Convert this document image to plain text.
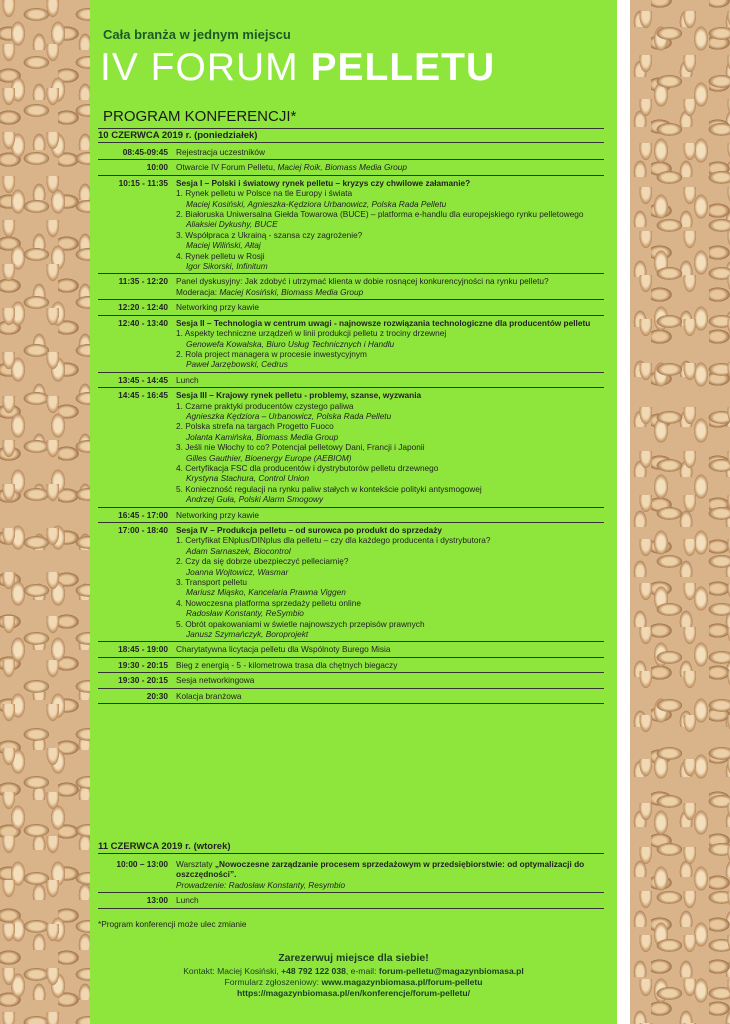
Cała branża w jednym miejscu
IV FORUM PELLETU
PROGRAM KONFERENCJI*
10 CZERWCA 2019 r. (poniedziałek)
08:45-09:45 Rejestracja uczestników
10:00 Otwarcie IV Forum Pelletu, Maciej Roik, Biomass Media Group
10:15 - 11:35 Sesja I – Polski i światowy rynek pelletu – kryzys czy chwilowe załamanie?
1. Rynek pelletu w Polsce na tle Europy i świata
Maciej Kosiński, Agnieszka-Kędziora Urbanowicz, Polska Rada Pelletu
2. Białoruska Uniwersalna Giełda Towarowa (BUCE) – platforma e-handlu dla europejskiego rynku pelletowego
Aliaksiei Dykushy, BUCE
3. Współpraca z Ukrainą - szansa czy zagrożenie?
Maciej Wiliński, Ałtaj
4. Rynek pelletu w Rosji
Igor Sikorski, Infinitum
11:35 - 12:20 Panel dyskusyjny: Jak zdobyć i utrzymać klienta w dobie rosnącej konkurencyjności na rynku pelletu?
Moderacja: Maciej Kosiński, Biomass Media Group
12:20 - 12:40 Networking przy kawie
12:40 - 13:40 Sesja II – Technologia w centrum uwagi - najnowsze rozwiązania technologiczne dla producentów pelletu
1. Aspekty techniczne urządzeń w linii produkcji pelletu z trociny drzewnej
Genowefa Kowalska, Biuro Usług Technicznych i Handlu
2. Rola project managera w procesie inwestycyjnym
Paweł Jarzębowski, Cedrus
13:45 - 14:45 Lunch
14:45 - 16:45 Sesja III – Krajowy rynek pelletu - problemy, szanse, wyzwania
1. Czarne praktyki producentów czystego paliwa
Agnieszka Kędziora – Urbanowicz, Polska Rada Pelletu
2. Polska strefa na targach Progetto Fuoco
Jolanta Kamińska, Biomass Media Group
3. Jeśli nie Włochy to co? Potencjał pelletowy Dani, Francji i Japonii
Gilles Gauthier, Bioenergy Europe (AEBIOM)
4. Certyfikacja FSC dla producentów i dystrybutorów pelletu drzewnego
Krystyna Stachura, Control Union
5. Konieczność regulacji na rynku paliw stałych w kontekście polityki antysmogowej
Andrzej Guła, Polski Alarm Smogowy
16:45 - 17:00 Networking przy kawie
17:00 - 18:40 Sesja IV – Produkcja pelletu – od surowca po produkt do sprzedaży
1. Certyfikat ENplus/DINplus dla pelletu – czy dla każdego producenta i dystrybutora?
Adam Sarnaszek, Biocontrol
2. Czy da się dobrze ubezpieczyć pelleciarnię?
Joanna Wojtowicz, Wasmar
3. Transport pelletu
Mariusz Miąsko, Kancelaria Prawna Viggen
4. Nowoczesna platforma sprzedaży pelletu online
Radosław Konstanty, ReSymbio
5. Obrót opakowaniami w świetle najnowszych przepisów prawnych
Janusz Szymańczyk, Boroprojekt
18:45 - 19:00 Charytatywna licytacja pelletu dla Wspólnoty Burego Misia
19:30 - 20:15 Bieg z energią - 5 - kilometrowa trasa dla chętnych biegaczy
19:30 - 20:15 Sesja networkingowa
20:30 Kolacja branżowa
11 CZERWCA 2019 r. (wtorek)
10:00 – 13:00 Warsztaty „Nowoczesne zarządzanie procesem sprzedażowym w przedsiębiorstwie: od optymalizacji do oszczędności”.
Prowadzenie: Radosław Konstanty, Resymbio
13:00 Lunch
*Program konferencji może ulec zmianie
Zarezerwuj miejsce dla siebie!
Kontakt: Maciej Kosiński, +48 792 122 038, e-mail: forum-pelletu@magazynbiomasa.pl
Formularz zgłoszeniowy: www.magazynbiomasa.pl/forum-pelletu
https://magazynbiomasa.pl/en/konferencje/forum-pelletu/
